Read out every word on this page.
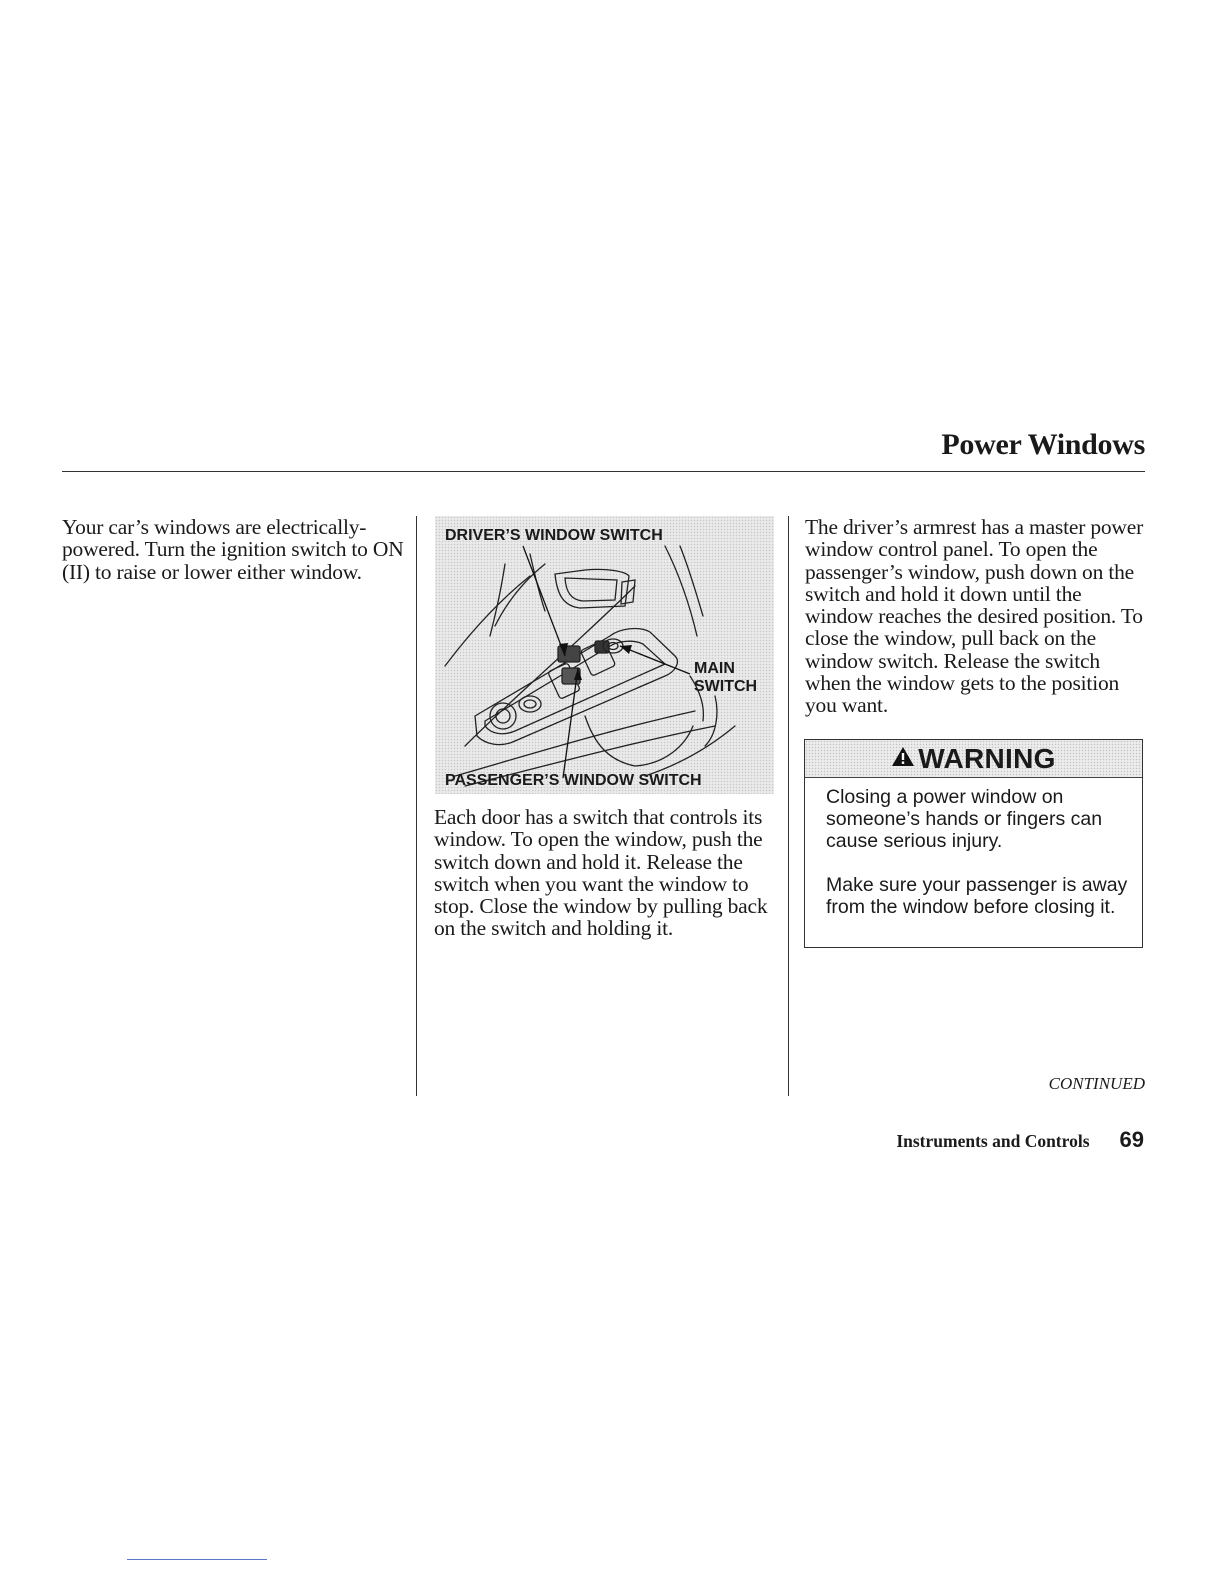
Power Windows

Your car’s windows are electrically-powered. Turn the ignition switch to ON (II) to raise or lower either window.

DRIVER’S WINDOW SWITCH

MAIN

SWITCH

PASSENGER’S WINDOW SWITCH

Each door has a switch that controls its window. To open the window, push the switch down and hold it. Release the switch when you want the window to stop. Close the window by pulling back on the switch and holding it.

The driver’s armrest has a master power window control panel. To open the passenger’s window, push down on the switch and hold it down until the window reaches the desired position. To close the window, pull back on the window switch. Release the switch when the window gets to the position you want.

WARNING

Closing a power window on someone’s hands or fingers can cause serious injury.

Make sure your passenger is away from the window before closing it.

CONTINUED
Instruments and Controls 69
